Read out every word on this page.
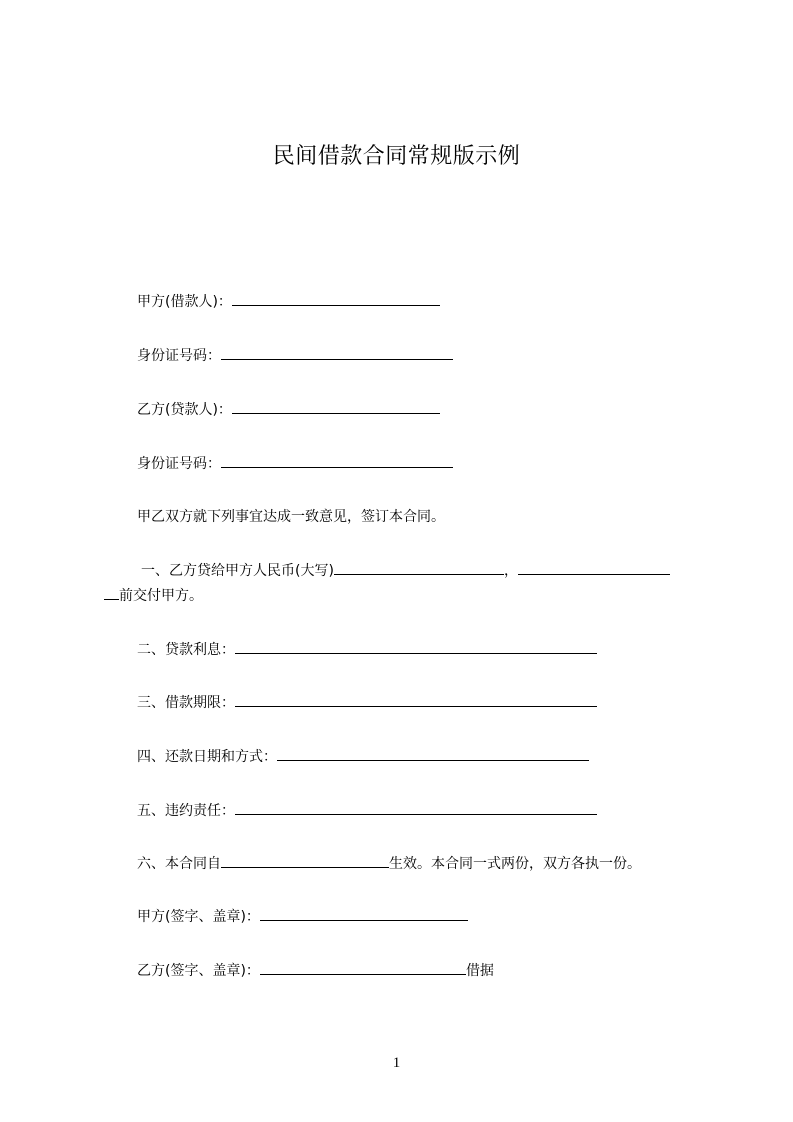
民间借款合同常规版示例
甲方(借款人)：
身份证号码：
乙方(贷款人)：
身份证号码：
甲乙双方就下列事宜达成一致意见，签订本合同。
一、乙方贷给甲方人民币(大写)	，
前交付甲方。
二、贷款利息：
三、借款期限：
四、还款日期和方式：
五、违约责任：
六、本合同自	生效。本合同一式两份，双方各执一份。
甲方(签字、盖章)：
乙方(签字、盖章)：	借据
1
